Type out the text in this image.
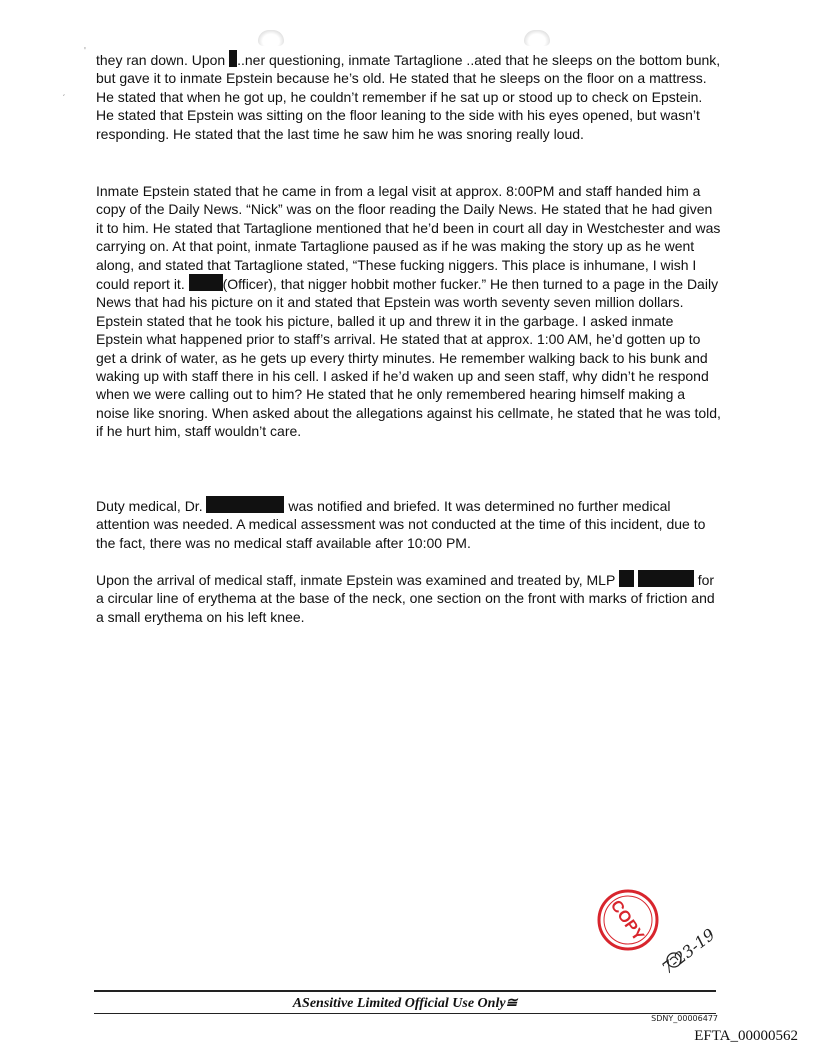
'
ˏ

they ran down. Upon ..ner questioning, inmate Tartaglione ..ated that he sleeps on the bottom bunk, but gave it to inmate Epstein because he’s old. He stated that he sleeps on the floor on a mattress. He stated that when he got up, he couldn’t remember if he sat up or stood up to check on Epstein. He stated that Epstein was sitting on the floor leaning to the side with his eyes opened, but wasn’t responding. He stated that the last time he saw him he was snoring really loud.

Inmate Epstein stated that he came in from a legal visit at approx. 8:00PM and staff handed him a copy of the Daily News. “Nick” was on the floor reading the Daily News. He stated that he had given it to him. He stated that Tartaglione mentioned that he’d been in court all day in Westchester and was carrying on. At that point, inmate Tartaglione paused as if he was making the story up as he went along, and stated that Tartaglione stated, “These fucking niggers. This place is inhumane, I wish I could report it. (Officer), that nigger hobbit mother fucker.” He then turned to a page in the Daily News that had his picture on it and stated that Epstein was worth seventy seven million dollars. Epstein stated that he took his picture, balled it up and threw it in the garbage. I asked inmate Epstein what happened prior to staff’s arrival. He stated that at approx. 1:00 AM, he’d gotten up to get a drink of water, as he gets up every thirty minutes. He remember walking back to his bunk and waking up with staff there in his cell. I asked if he’d waken up and seen staff, why didn’t he respond when we were calling out to him? He stated that he only remembered hearing himself making a noise like snoring. When asked about the allegations against his cellmate, he stated that he was told, if he hurt him, staff wouldn’t care.

Duty medical, Dr.	was notified and briefed. It was determined no further medical attention was needed. A medical assessment was not conducted at the time of this incident, due to the fact, there was no medical staff available after 10:00 PM.

Upon the arrival of medical staff, inmate Epstein was examined and treated by, MLP	for a circular line of erythema at the base of the neck, one section on the front with marks of friction and a small erythema on his left knee.

COPY
7-23-19
ASensitive Limited Official Use Only≅
SDNY_00006477
EFTA_00000562
